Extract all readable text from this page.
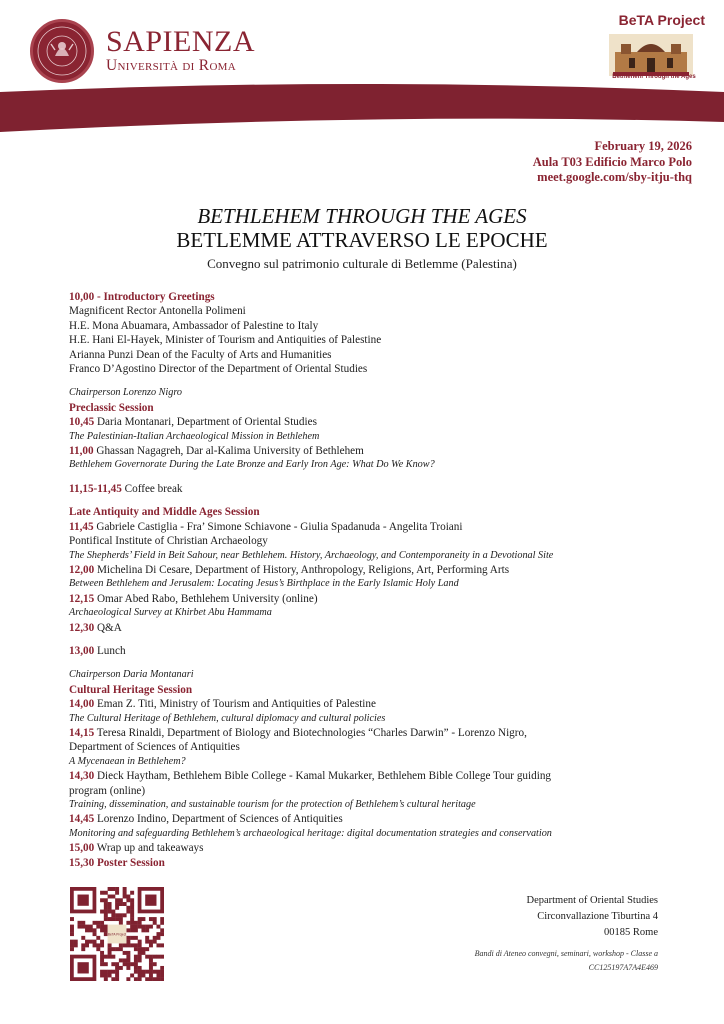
SAPIENZA
Università di Roma
BeTA Project
Bethlehem Through the Ages
February 19, 2026
Aula T03 Edificio Marco Polo
meet.google.com/sby-itju-thq
BETHLEHEM THROUGH THE AGES
BETLEMME ATTRAVERSO LE EPOCHE
Convegno sul patrimonio culturale di Betlemme (Palestina)
10,00 - Introductory Greetings
Magnificent Rector Antonella Polimeni
H.E. Mona Abuamara, Ambassador of Palestine to Italy
H.E. Hani El-Hayek, Minister of Tourism and Antiquities of Palestine
Arianna Punzi Dean of the Faculty of Arts and Humanities
Franco D’Agostino Director of the Department of Oriental Studies
Chairperson Lorenzo Nigro
Preclassic Session
10,45 Daria Montanari, Department of Oriental Studies
The Palestinian-Italian Archaeological Mission in Bethlehem
11,00 Ghassan Nagagreh, Dar al-Kalima University of Bethlehem
Bethlehem Governorate During the Late Bronze and Early Iron Age: What Do We Know?
11,15-11,45 Coffee break
Late Antiquity and Middle Ages Session
11,45 Gabriele Castiglia - Fra’ Simone Schiavone - Giulia Spadanuda - Angelita Troiani
Pontifical Institute of Christian Archaeology
The Shepherds’ Field in Beit Sahour, near Bethlehem. History, Archaeology, and Contemporaneity in a Devotional Site
12,00 Michelina Di Cesare, Department of History, Anthropology, Religions, Art, Performing Arts
Between Bethlehem and Jerusalem: Locating Jesus’s Birthplace in the Early Islamic Holy Land
12,15 Omar Abed Rabo, Bethlehem University (online)
Archaeological Survey at Khirbet Abu Hammama
12,30 Q&A
13,00 Lunch
Chairperson Daria Montanari
Cultural Heritage Session
14,00 Eman Z. Titi, Ministry of Tourism and Antiquities of Palestine
The Cultural Heritage of Bethlehem, cultural diplomacy and cultural policies
14,15 Teresa Rinaldi, Department of Biology and Biotechnologies “Charles Darwin” - Lorenzo Nigro,
Department of Sciences of Antiquities
A Mycenaean in Bethlehem?
14,30 Dieck Haytham, Bethlehem Bible College - Kamal Mukarker, Bethlehem Bible College Tour guiding
program (online)
Training, dissemination, and sustainable tourism for the protection of Bethlehem’s cultural heritage
14,45 Lorenzo Indino, Department of Sciences of Antiquities
Monitoring and safeguarding Bethlehem’s archaeological heritage: digital documentation strategies and conservation
15,00 Wrap up and takeaways
15,30 Poster Session
BeTA Project
Department of Oriental Studies
Circonvallazione Tiburtina 4
00185 Rome
Bandi di Ateneo convegni, seminari, workshop - Classe a
CC125197A7A4E469
